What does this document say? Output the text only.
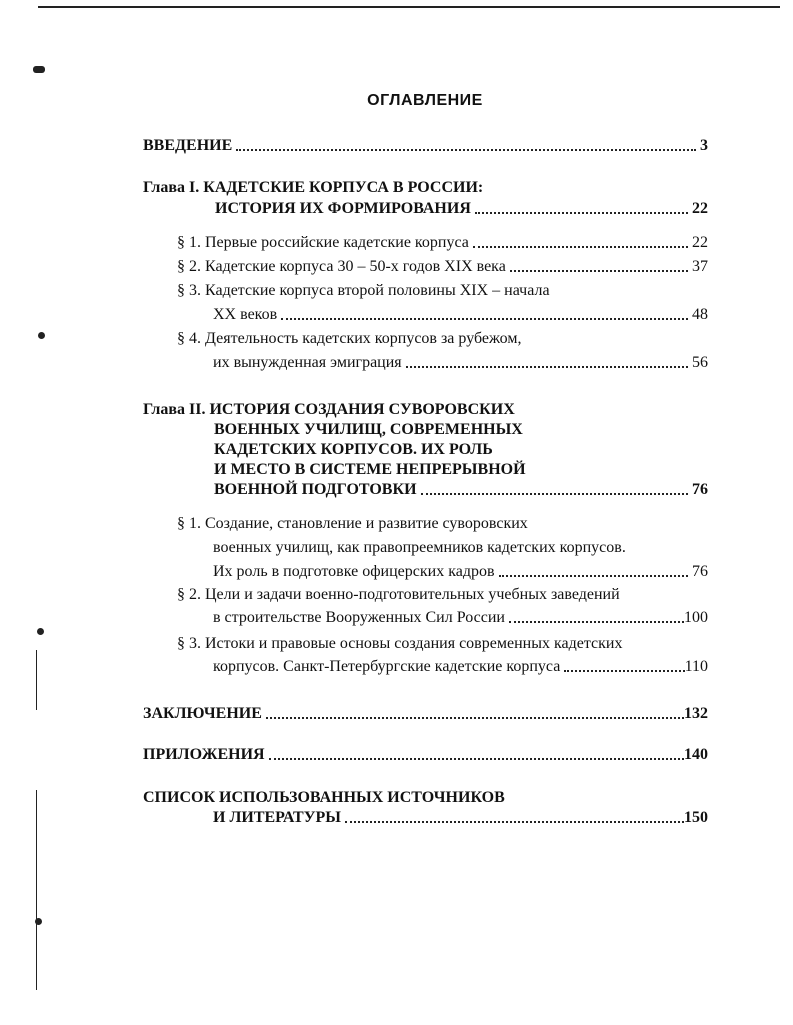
ОГЛАВЛЕНИЕ
ВВЕДЕНИЕ	3
Глава I. КАДЕТСКИЕ КОРПУСА В РОССИИ:
ИСТОРИЯ ИХ ФОРМИРОВАНИЯ	22
§ 1. Первые российские кадетские корпуса	22
§ 2. Кадетские корпуса 30 – 50-х годов XIX века	37
§ 3. Кадетские корпуса второй половины XIX – начала
XX веков	48
§ 4. Деятельность кадетских корпусов за рубежом,
их вынужденная эмиграция	56
Глава II. ИСТОРИЯ СОЗДАНИЯ СУВОРОВСКИХ
ВОЕННЫХ УЧИЛИЩ, СОВРЕМЕННЫХ
КАДЕТСКИХ КОРПУСОВ. ИХ РОЛЬ
И МЕСТО В СИСТЕМЕ НЕПРЕРЫВНОЙ
ВОЕННОЙ ПОДГОТОВКИ	76
§ 1. Создание, становление и развитие суворовских
военных училищ, как правопреемников кадетских корпусов.
Их роль в подготовке офицерских кадров	76
§ 2. Цели и задачи военно-подготовительных учебных заведений
в строительстве Вооруженных Сил России	100
§ 3. Истоки и правовые основы создания современных кадетских
корпусов. Санкт-Петербургские кадетские корпуса	110
ЗАКЛЮЧЕНИЕ	132
ПРИЛОЖЕНИЯ	140
СПИСОК ИСПОЛЬЗОВАННЫХ ИСТОЧНИКОВ
И ЛИТЕРАТУРЫ	150
